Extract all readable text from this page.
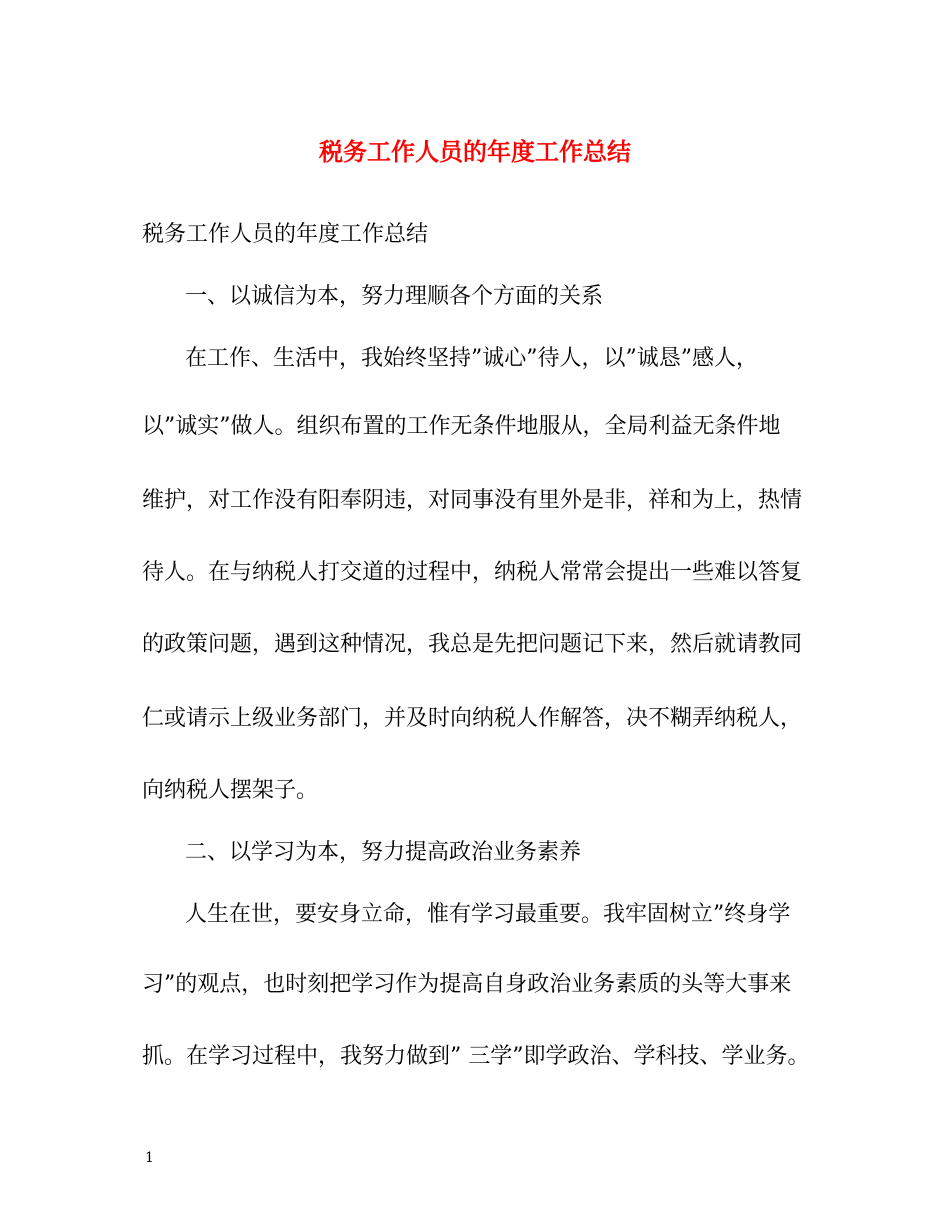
税务工作人员的年度工作总结
税务工作人员的年度工作总结
一、以诚信为本，努力理顺各个方面的关系
在工作、生活中，我始终坚持”诚心”待人，以”诚恳”感人，
以”诚实”做人。组织布置的工作无条件地服从，全局利益无条件地
维护，对工作没有阳奉阴违，对同事没有里外是非，祥和为上，热情
待人。在与纳税人打交道的过程中，纳税人常常会提出一些难以答复
的政策问题，遇到这种情况，我总是先把问题记下来，然后就请教同
仁或请示上级业务部门，并及时向纳税人作解答，决不糊弄纳税人，
向纳税人摆架子。
二、以学习为本，努力提高政治业务素养
人生在世，要安身立命，惟有学习最重要。我牢固树立”终身学
习”的观点，也时刻把学习作为提高自身政治业务素质的头等大事来
抓。在学习过程中，我努力做到” 三学”即学政治、学科技、学业务。
1
